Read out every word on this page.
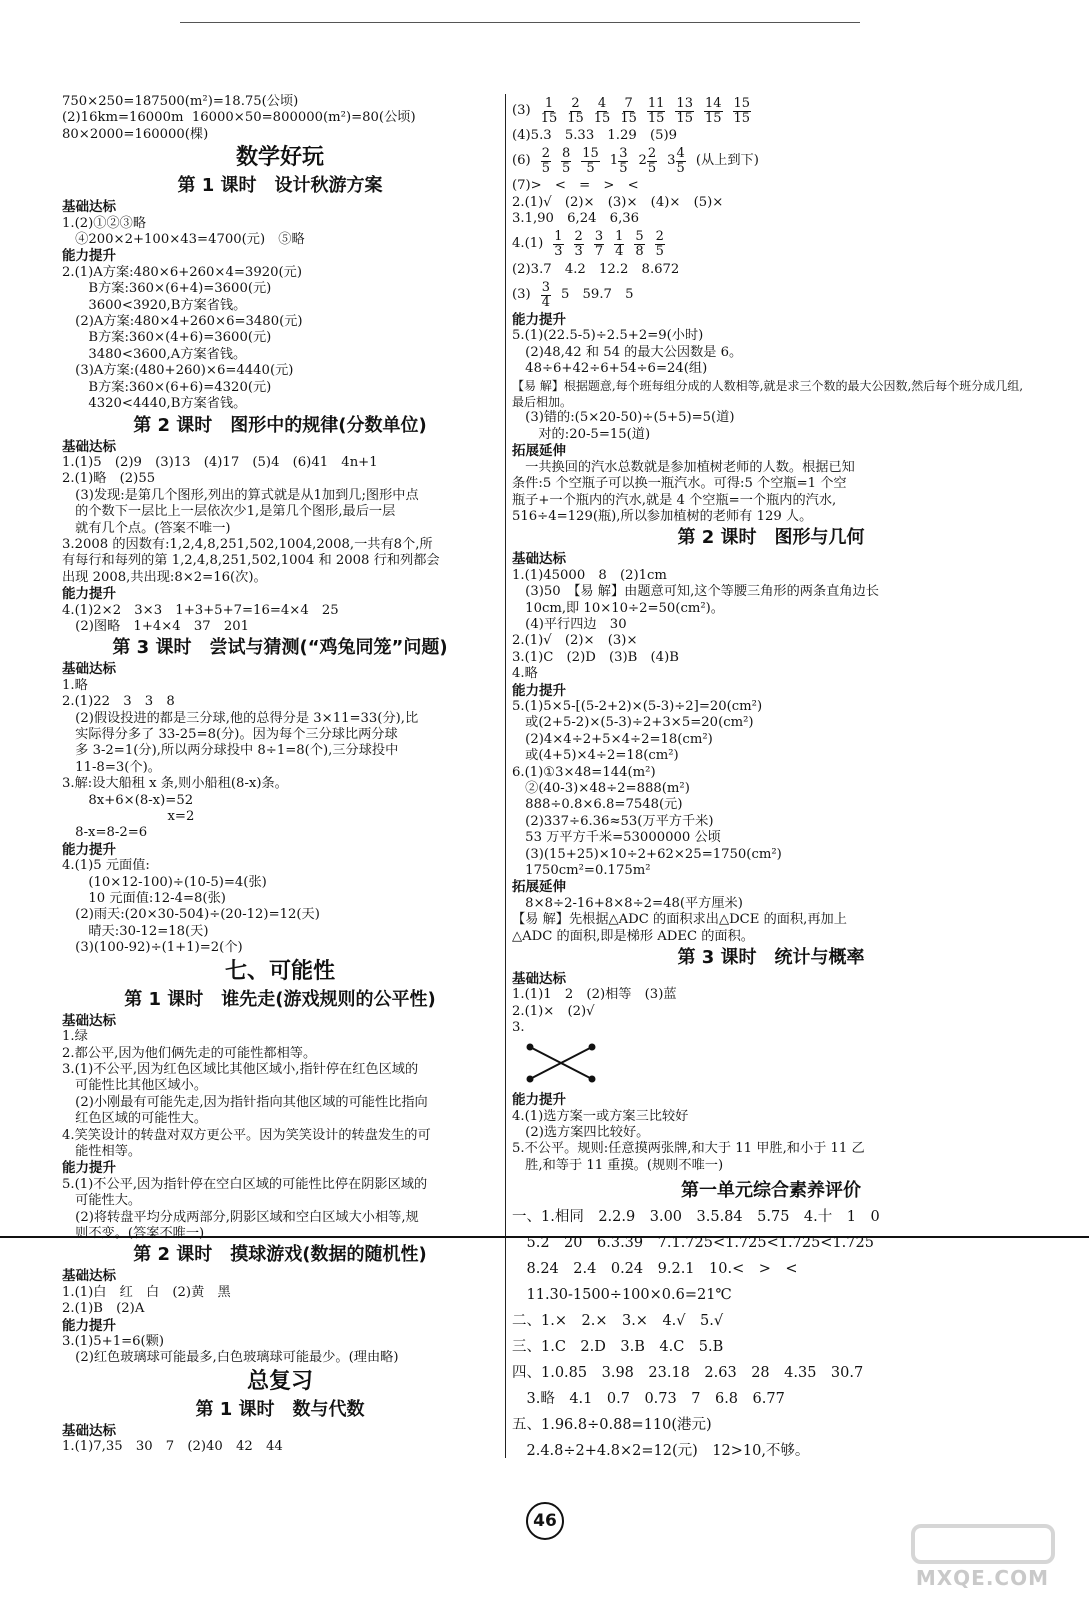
750×250=187500(m²)=18.75(公顷)
(2)16km=16000m  16000×50=800000(m²)=80(公顷)
80×2000=160000(棵)
数学好玩
第 1 课时　设计秋游方案
基础达标
1.(2)①②③略
　④200×2+100×43=4700(元)　⑤略
能力提升
2.(1)A方案:480×6+260×4=3920(元)
　　B方案:360×(6+4)=3600(元)
　　3600<3920,B方案省钱。
　(2)A方案:480×4+260×6=3480(元)
　　B方案:360×(4+6)=3600(元)
　　3480<3600,A方案省钱。
　(3)A方案:(480+260)×6=4440(元)
　　B方案:360×(6+6)=4320(元)
　　4320<4440,B方案省钱。
第 2 课时　图形中的规律(分数单位)
基础达标
1.(1)5　(2)9　(3)13　(4)17　(5)4　(6)41　4n+1
2.(1)略　(2)55
　(3)发现:是第几个图形,列出的算式就是从1加到几;图形中点
　的个数下一层比上一层依次少1,是第几个图形,最后一层
　就有几个点。(答案不唯一)
3.2008 的因数有:1,2,4,8,251,502,1004,2008,一共有8个,所
有每行和每列的第 1,2,4,8,251,502,1004 和 2008 行和列都会
出现 2008,共出现:8×2=16(次)。
能力提升
4.(1)2×2　3×3　1+3+5+7=16=4×4　25
　(2)图略　1+4×4　37　201
第 3 课时　尝试与猜测(“鸡兔同笼”问题)
基础达标
1.略
2.(1)22　3　3　8
　(2)假设投进的都是三分球,他的总得分是 3×11=33(分),比
　实际得分多了 33-25=8(分)。因为每个三分球比两分球
　多 3-2=1(分),所以两分球投中 8÷1=8(个),三分球投中
　11-8=3(个)。
3.解:设大船租 x 条,则小船租(8-x)条。
　　8x+6×(8-x)=52
　　　　　　　　x=2
　8-x=8-2=6
能力提升
4.(1)5 元面值:
　　(10×12-100)÷(10-5)=4(张)
　　10 元面值:12-4=8(张)
　(2)雨天:(20×30-504)÷(20-12)=12(天)
　　晴天:30-12=18(天)
　(3)(100-92)÷(1+1)=2(个)
七、可能性
第 1 课时　谁先走(游戏规则的公平性)
基础达标
1.绿
2.都公平,因为他们俩先走的可能性都相等。
3.(1)不公平,因为红色区域比其他区域小,指针停在红色区域的
　可能性比其他区域小。
　(2)小刚最有可能先走,因为指针指向其他区域的可能性比指向
　红色区域的可能性大。
4.笑笑设计的转盘对双方更公平。因为笑笑设计的转盘发生的可
　能性相等。
能力提升
5.(1)不公平,因为指针停在空白区域的可能性比停在阴影区域的
　可能性大。
　(2)将转盘平均分成两部分,阴影区域和空白区域大小相等,规
　则不变。(答案不唯一)
第 2 课时　摸球游戏(数据的随机性)
基础达标
1.(1)白　红　白　(2)黄　黑
2.(1)B　(2)A
能力提升
3.(1)5+1=6(颗)
　(2)红色玻璃球可能最多,白色玻璃球可能最少。(理由略)
总复习
第 1 课时　数与代数
基础达标
1.(1)7,35　30　7　(2)40　42　44
$(3) \frac{1}{15} \frac{2}{15} \frac{4}{15} \frac{7}{15} \frac{11}{15} \frac{13}{15} \frac{14}{15} \frac{15}{15}$
(4)5.3　5.33　1.29　(5)9
$(6) \frac{2}{5} \frac{8}{5} \frac{15}{5} 1 \frac{3}{5} 2 \frac{2}{5} 3 \frac{4}{5}$ (从上到下)
(7)>　<　=　>　<
2.(1)√　(2)×　(3)×　(4)×　(5)×
3.1,90　6,24　6,36
$4.(1) \frac{1}{3} \frac{2}{3} \frac{3}{7} \frac{1}{4} \frac{5}{8} \frac{2}{5}$
(2)3.7　4.2　12.2　8.672
$(3) \frac{3}{4} 5$　59.7　5
能力提升
5.(1)(22.5-5)÷2.5+2=9(小时)
　(2)48,42 和 54 的最大公因数是 6。
　48÷6+42÷6+54÷6=24(组)
【易 解】根据题意,每个班每组分成的人数相等,就是求三个数的最大公因数,然后每个班分成几组,最后相加。
　(3)错的:(5×20-50)÷(5+5)=5(道)
　　对的:20-5=15(道)
拓展延伸
　一共换回的汽水总数就是参加植树老师的人数。根据已知
条件:5 个空瓶子可以换一瓶汽水。可得:5 个空瓶=1 个空
瓶子+一个瓶内的汽水,就是 4 个空瓶=一个瓶内的汽水,
516÷4=129(瓶),所以参加植树的老师有 129 人。
第 2 课时　图形与几何
基础达标
1.(1)45000　8　(2)1cm
　(3)50　【易 解】由题意可知,这个等腰三角形的两条直角边长
　10cm,即 10×10÷2=50(cm²)。
　(4)平行四边　30
2.(1)√　(2)×　(3)×
3.(1)C　(2)D　(3)B　(4)B
4.略
能力提升
5.(1)5×5-[(5-2+2)×(5-3)÷2]=20(cm²)
　或(2+5-2)×(5-3)÷2+3×5=20(cm²)
　(2)4×4÷2+5×4÷2=18(cm²)
　或(4+5)×4÷2=18(cm²)
6.(1)①3×48=144(m²)
　②(40-3)×48÷2=888(m²)
　888÷0.8×6.8=7548(元)
　(2)337÷6.36≈53(万平方千米)
　53 万平方千米=53000000 公顷
　(3)(15+25)×10÷2+62×25=1750(cm²)
　1750cm²=0.175m²
拓展延伸
　8×8÷2-16+8×8÷2=48(平方厘米)
【易 解】先根据△ADC 的面积求出△DCE 的面积,再加上
△ADC 的面积,即是梯形 ADEC 的面积。
第 3 课时　统计与概率
基础达标
1.(1)1　2　(2)相等　(3)蓝
2.(1)×　(2)√
3.
能力提升
4.(1)选方案一或方案三比较好
　(2)选方案四比较好。
5.不公平。规则:任意摸两张牌,和大于 11 甲胜,和小于 11 乙
　胜,和等于 11 重摸。(规则不唯一)
第一单元综合素养评价
一、1.相同　2.2.9　3.00　3.5.84　5.75　4.十　1　0
　5.2　20　6.3.39　7.1.725<1.725<1.725<1.725
　8.24　2.4　0.24　9.2.1　10.<　>　<
　11.30-1500÷100×0.6=21℃
二、1.×　2.×　3.×　4.√　5.√
三、1.C　2.D　3.B　4.C　5.B
四、1.0.85　3.98　23.18　2.63　28　4.35　30.7
　3.略　4.1　0.7　0.73　7　6.8　6.77
五、1.96.8÷0.88=110(港元)
　2.4.8÷2+4.8×2=12(元)　12>10,不够。
46
MXQE.COM
